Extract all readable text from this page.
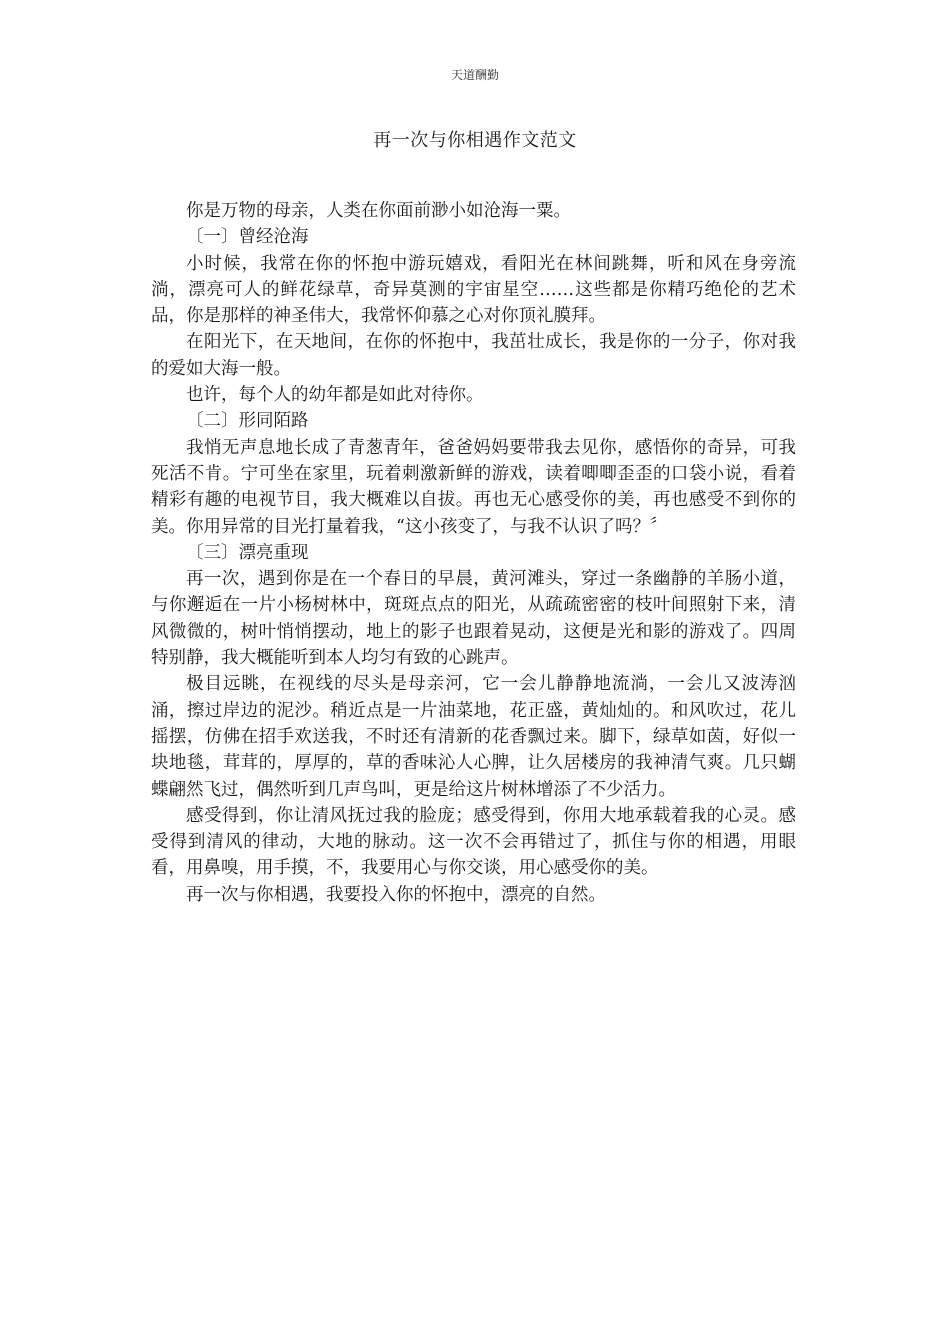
天道酬勤
再一次与你相遇作文范文

你是万物的母亲，人类在你面前渺小如沧海一粟。

〔一〕曾经沧海

小时候，我常在你的怀抱中游玩嬉戏，看阳光在林间跳舞，听和风在身旁流淌，漂亮可人的鲜花绿草，奇异莫测的宇宙星空……这些都是你精巧绝伦的艺术品，你是那样的神圣伟大，我常怀仰慕之心对你顶礼膜拜。

在阳光下，在天地间，在你的怀抱中，我茁壮成长，我是你的一分子，你对我的爱如大海一般。

也许，每个人的幼年都是如此对待你。

〔二〕形同陌路

我悄无声息地长成了青葱青年，爸爸妈妈要带我去见你，感悟你的奇异，可我死活不肯。宁可坐在家里，玩着刺激新鲜的游戏，读着唧唧歪歪的口袋小说，看着精彩有趣的电视节目，我大概难以自拔。再也无心感受你的美，再也感受不到你的美。你用异常的目光打量着我，“这小孩变了，与我不认识了吗？〞

〔三〕漂亮重现

再一次，遇到你是在一个春日的早晨，黄河滩头，穿过一条幽静的羊肠小道，与你邂逅在一片小杨树林中，斑斑点点的阳光，从疏疏密密的枝叶间照射下来，清风微微的，树叶悄悄摆动，地上的影子也跟着晃动，这便是光和影的游戏了。四周特别静，我大概能听到本人均匀有致的心跳声。

极目远眺，在视线的尽头是母亲河，它一会儿静静地流淌，一会儿又波涛汹涌，擦过岸边的泥沙。稍近点是一片油菜地，花正盛，黄灿灿的。和风吹过，花儿摇摆，仿佛在招手欢送我，不时还有清新的花香飘过来。脚下，绿草如茵，好似一块地毯，茸茸的，厚厚的，草的香味沁人心脾，让久居楼房的我神清气爽。几只蝴蝶翩然飞过，偶然听到几声鸟叫，更是给这片树林增添了不少活力。

感受得到，你让清风抚过我的脸庞；感受得到，你用大地承载着我的心灵。感受得到清风的律动，大地的脉动。这一次不会再错过了，抓住与你的相遇，用眼看，用鼻嗅，用手摸，不，我要用心与你交谈，用心感受你的美。

再一次与你相遇，我要投入你的怀抱中，漂亮的自然。
